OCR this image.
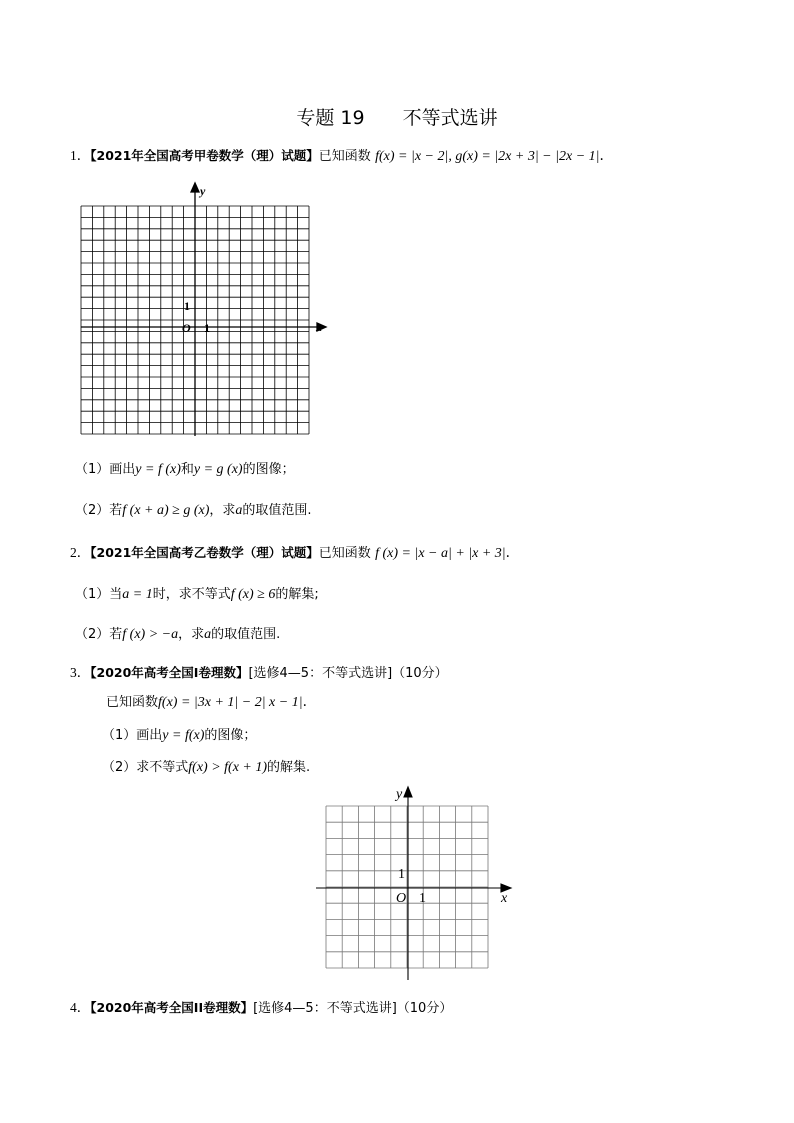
专题 19 不等式选讲
1．【2021年全国高考甲卷数学（理）试题】已知函数 f(x) = |x − 2|, g(x) = |2x + 3| − |2x − 1|.
x
y
O 1
1
（1）画出y = f (x)和y = g (x)的图像；
（2）若f (x + a) ≥ g (x)，求a的取值范围.
2．【2021年全国高考乙卷数学（理）试题】已知函数 f (x) = |x − a| + |x + 3|.
（1）当a = 1时，求不等式f (x) ≥ 6的解集;
（2）若f (x) > −a，求a的取值范围.
3．【2020年高考全国Ⅰ卷理数】[选修4—5：不等式选讲]（10分）
已知函数f(x) = |3x + 1| − 2| x − 1|.
（1）画出y = f(x)的图像；
（2）求不等式f(x) > f(x + 1)的解集.
x
y
O 1
1
4．【2020年高考全国II卷理数】[选修4—5：不等式选讲]（10分）
